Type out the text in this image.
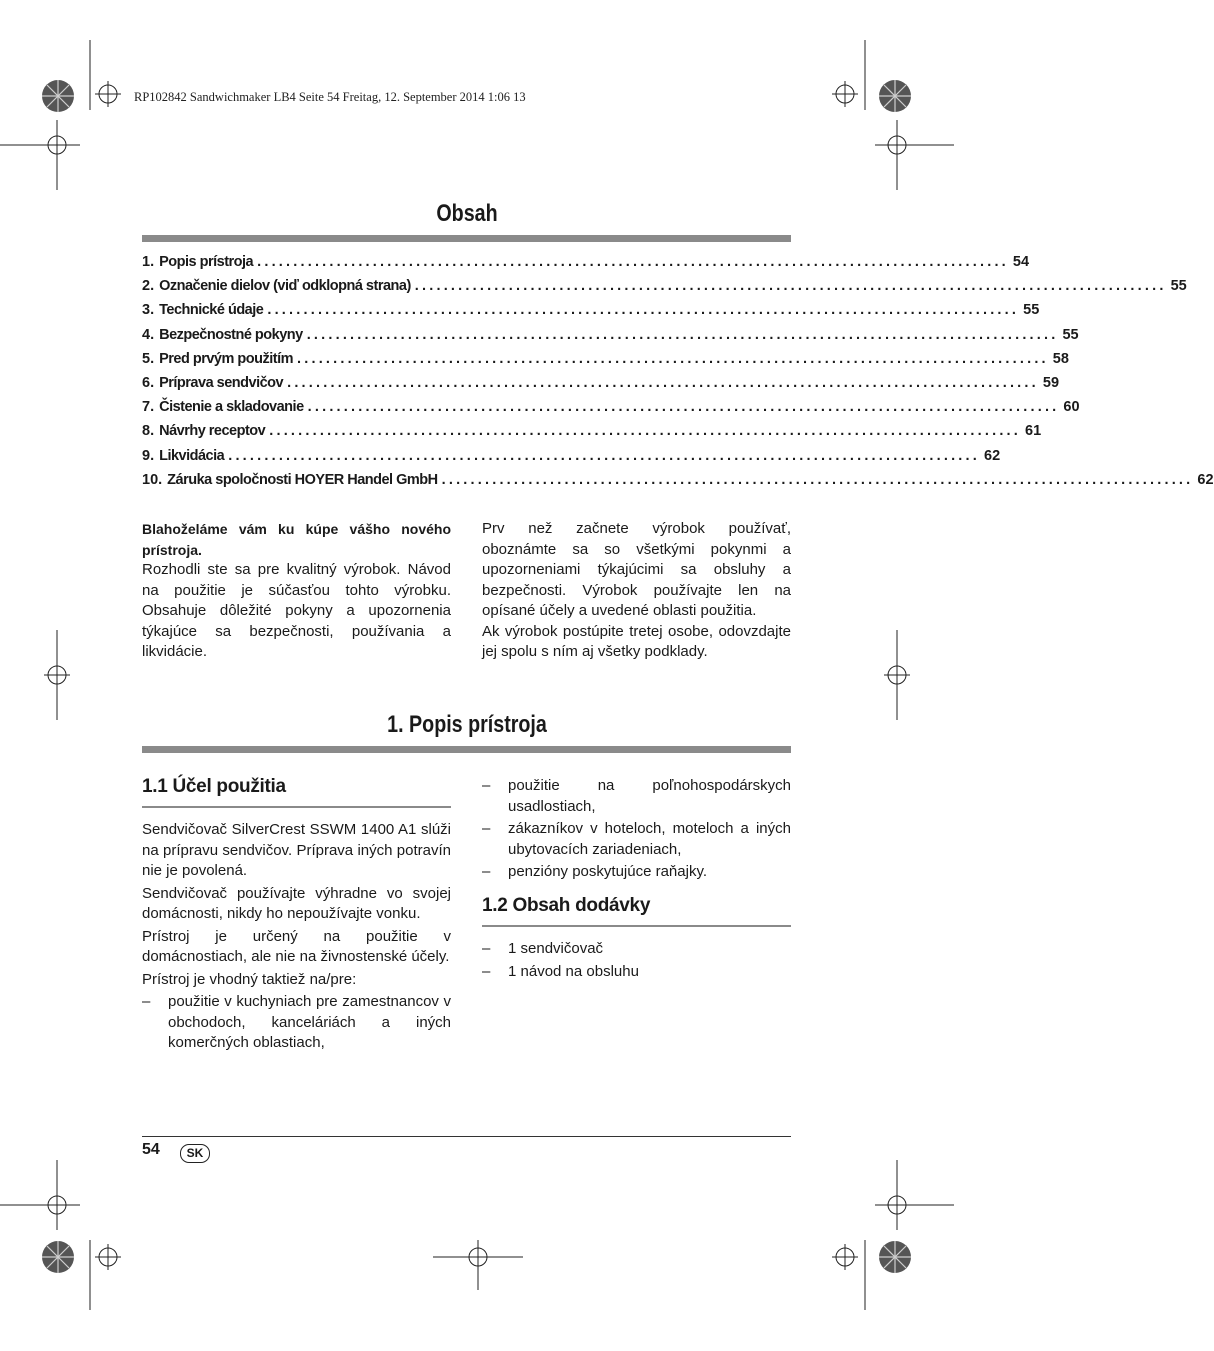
RP102842 Sandwichmaker LB4 Seite 54 Freitag, 12. September 2014 1:06 13
Obsah
1. Popis prístroja ........................................................................................................ 54
2. Označenie dielov (viď odklopná strana) ........................................................................................................ 55
3. Technické údaje ........................................................................................................ 55
4. Bezpečnostné pokyny ........................................................................................................ 55
5. Pred prvým použitím ........................................................................................................ 58
6. Príprava sendvičov ........................................................................................................ 59
7. Čistenie a skladovanie ........................................................................................................ 60
8. Návrhy receptov ........................................................................................................ 61
9. Likvidácia ........................................................................................................ 62
10. Záruka spoločnosti HOYER Handel GmbH ........................................................................................................ 62

Blahoželáme vám ku kúpe vášho nového prístroja.

Rozhodli ste sa pre kvalitný výrobok. Návod na použitie je súčasťou tohto výrobku. Obsahuje dôležité pokyny a upozornenia týkajúce sa bezpečnosti, používania a likvidácie.

Prv než začnete výrobok používať, oboznámte sa so všetkými pokynmi a upozorneniami týkajúcimi sa obsluhy a bezpečnosti. Výrobok používajte len na opísané účely a uvedené oblasti použitia.

Ak výrobok postúpite tretej osobe, odovzdajte jej spolu s ním aj všetky podklady.

1. Popis prístroja
1.1 Účel použitia

Sendvičovač SilverCrest SSWM 1400 A1 slúži na prípravu sendvičov. Príprava iných potravín nie je povolená.

Sendvičovač používajte výhradne vo svojej domácnosti, nikdy ho nepoužívajte vonku.

Prístroj je určený na použitie v domácnostiach, ale nie na živnostenské účely.

Prístroj je vhodný taktiež na/pre:

–	použitie v kuchyniach pre zamestnancov v obchodoch, kanceláriách a iných komerčných oblastiach,
–	použitie na poľnohospodárskych usadlostiach,
–	zákazníkov v hoteloch, moteloch a iných ubytovacích zariadeniach,
–	penzióny poskytujúce raňajky.
1.2 Obsah dodávky
–	1 sendvičovač
–	1 návod na obsluhu
54	SK
